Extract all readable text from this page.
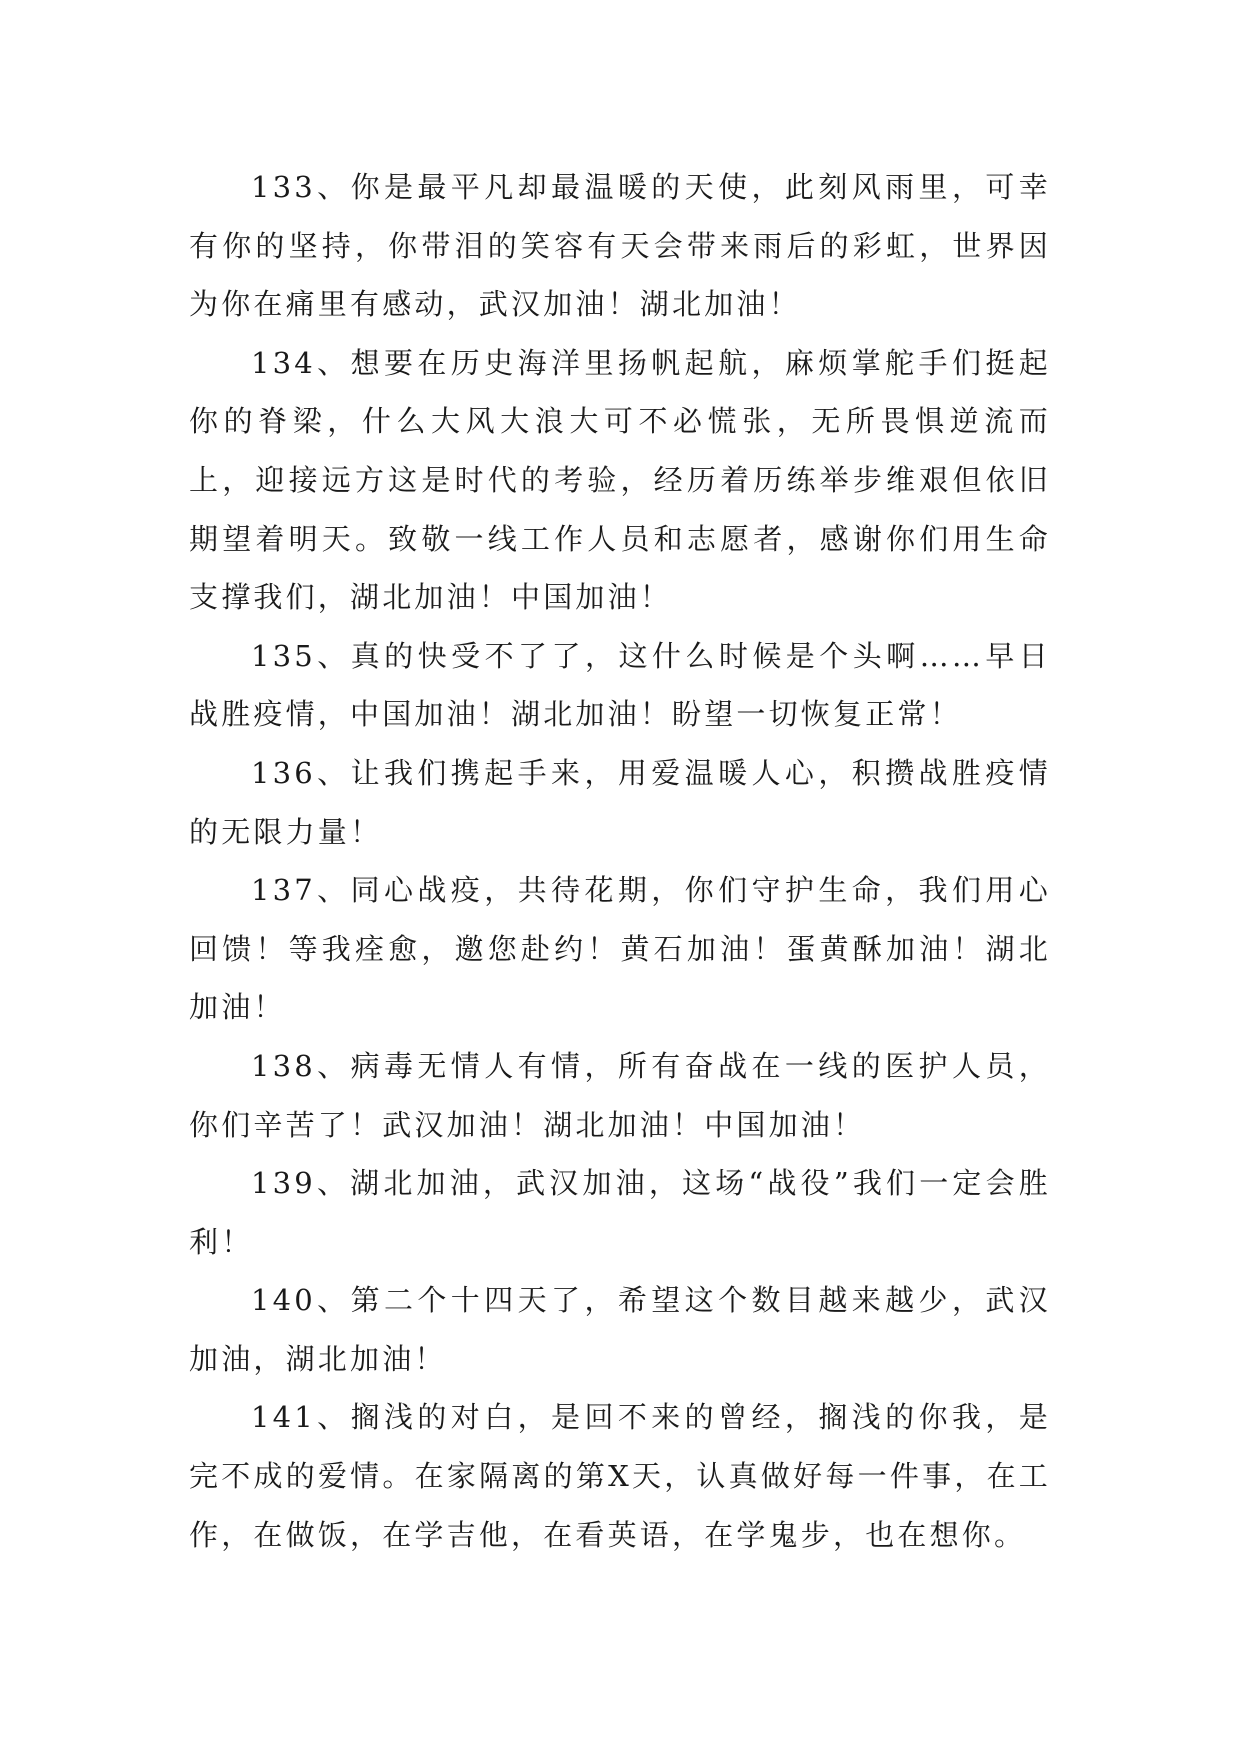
133、你是最平凡却最温暖的天使，此刻风雨里，可幸有你的坚持，你带泪的笑容有天会带来雨后的彩虹，世界因为你在痛里有感动，武汉加油！湖北加油！

134、想要在历史海洋里扬帆起航，麻烦掌舵手们挺起你的脊梁，什么大风大浪大可不必慌张，无所畏惧逆流而上，迎接远方这是时代的考验，经历着历练举步维艰但依旧期望着明天。致敬一线工作人员和志愿者，感谢你们用生命支撑我们，湖北加油！中国加油！

135、真的快受不了了，这什么时候是个头啊……早日战胜疫情，中国加油！湖北加油！盼望一切恢复正常！

136、让我们携起手来，用爱温暖人心，积攒战胜疫情的无限力量！

137、同心战疫，共待花期，你们守护生命，我们用心回馈！等我痊愈，邀您赴约！黄石加油！蛋黄酥加油！湖北加油！

138、病毒无情人有情，所有奋战在一线的医护人员，你们辛苦了！武汉加油！湖北加油！中国加油！

139、湖北加油，武汉加油，这场“战役”我们一定会胜利！

140、第二个十四天了，希望这个数目越来越少，武汉加油，湖北加油！

141、搁浅的对白，是回不来的曾经，搁浅的你我，是完不成的爱情。在家隔离的第X天，认真做好每一件事，在工作，在做饭，在学吉他，在看英语，在学鬼步，也在想你。
